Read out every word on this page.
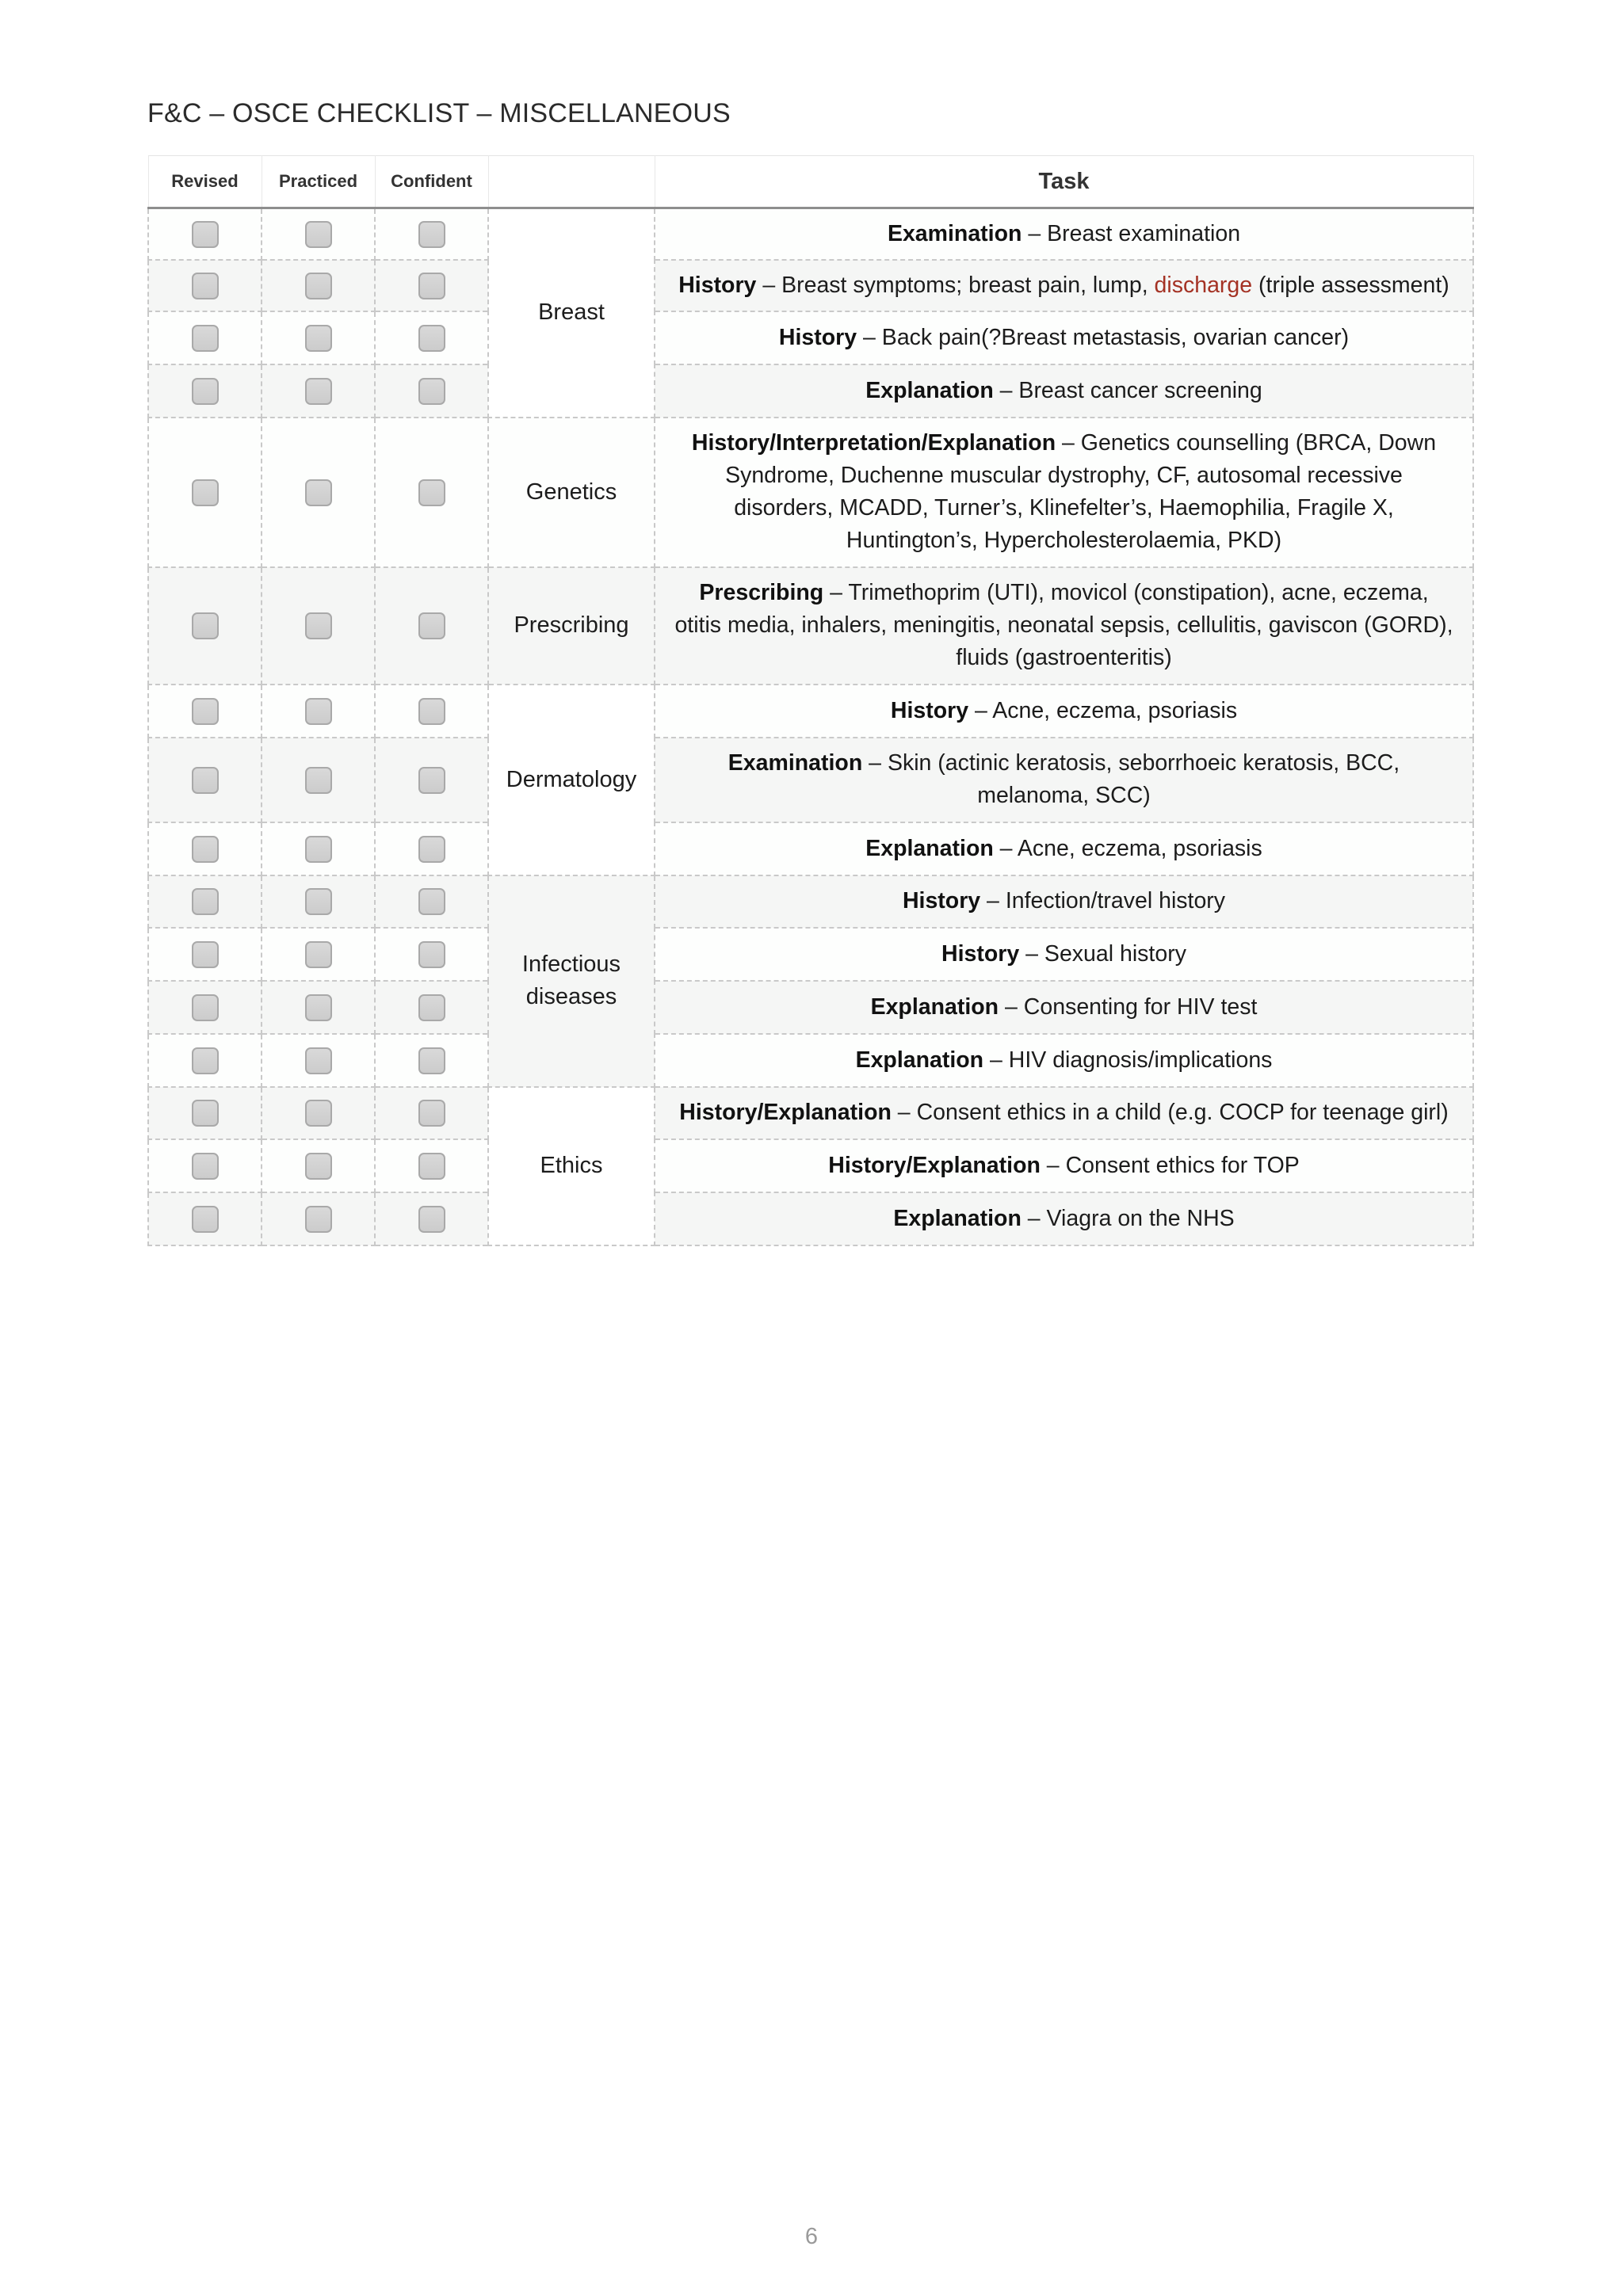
F&C – OSCE CHECKLIST – MISCELLANEOUS
Revised	Practiced	Confident		Task
			Breast	Examination – Breast examination
				History – Breast symptoms; breast pain, lump, discharge (triple assessment)
				History – Back pain(?Breast metastasis, ovarian cancer)
				Explanation – Breast cancer screening
			Genetics	History/Interpretation/Explanation – Genetics counselling (BRCA, Down Syndrome, Duchenne muscular dystrophy, CF, autosomal recessive disorders, MCADD, Turner’s, Klinefelter’s, Haemophilia, Fragile X, Huntington’s, Hypercholesterolaemia, PKD)
			Prescribing	Prescribing – Trimethoprim (UTI), movicol (constipation), acne, eczema, otitis media, inhalers, meningitis, neonatal sepsis, cellulitis, gaviscon (GORD), fluids (gastroenteritis)
			Dermatology	History – Acne, eczema, psoriasis
				Examination – Skin (actinic keratosis, seborrhoeic keratosis, BCC, melanoma, SCC)
				Explanation – Acne, eczema, psoriasis
			Infectious diseases	History – Infection/travel history
				History – Sexual history
				Explanation – Consenting for HIV test
				Explanation – HIV diagnosis/implications
			Ethics	History/Explanation – Consent ethics in a child (e.g. COCP for teenage girl)
				History/Explanation – Consent ethics for TOP
				Explanation – Viagra on the NHS
6
